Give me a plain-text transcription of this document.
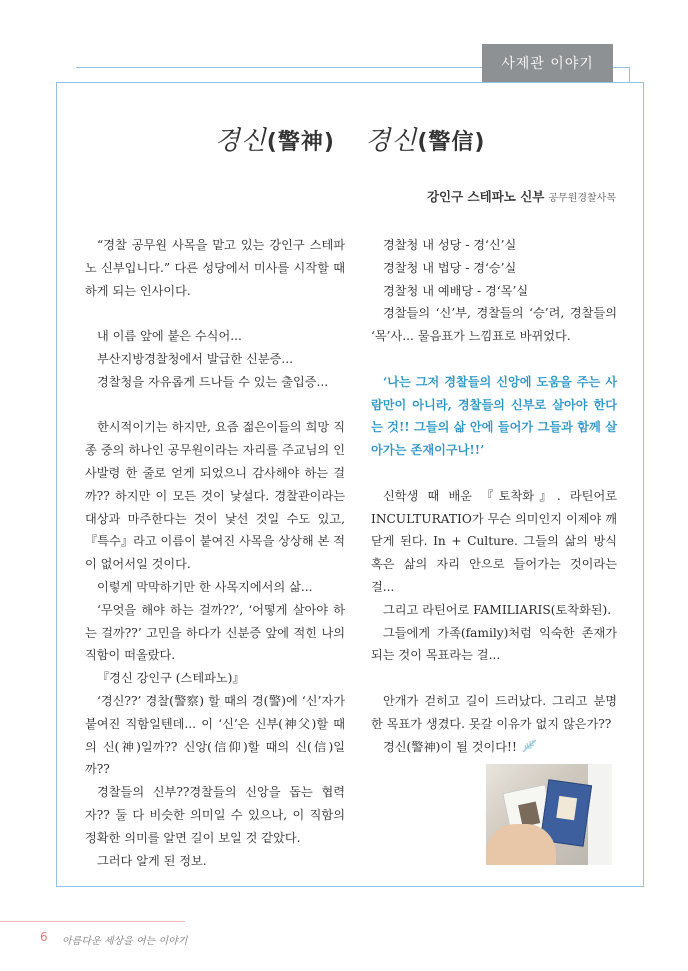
사제관 이야기
경신(警神) 경신(警信)
강인구 스테파노 신부 공무원경찰사목

“경찰 공무원 사목을 맡고 있는 강인구 스테파노 신부입니다.” 다른 성당에서 미사를 시작할 때 하게 되는 인사이다.

내 이름 앞에 붙은 수식어...

부산지방경찰청에서 발급한 신분증...

경찰청을 자유롭게 드나들 수 있는 출입증...

한시적이기는 하지만, 요즘 젊은이들의 희망 직종 중의 하나인 공무원이라는 자리를 주교님의 인사발령 한 줄로 얻게 되었으니 감사해야 하는 걸까?? 하지만 이 모든 것이 낯설다. 경찰관이라는 대상과 마주한다는 것이 낯선 것일 수도 있고, 『특수』라고 이름이 붙여진 사목을 상상해 본 적이 없어서일 것이다.

이렇게 막막하기만 한 사목지에서의 삶...

‘무엇을 해야 하는 걸까??’, ‘어떻게 살아야 하는 걸까??’ 고민을 하다가 신분증 앞에 적힌 나의 직함이 떠올랐다.

『경신 강인구 (스테파노)』

‘경신??’ 경찰(警察) 할 때의 경(警)에 ‘신’자가 붙여진 직함일텐데... 이 ‘신’은 신부(神父)할 때의 신(神)일까?? 신앙(信仰)할 때의 신(信)일까??

경찰들의 신부??경찰들의 신앙을 돕는 협력자?? 둘 다 비슷한 의미일 수 있으나, 이 직함의 정확한 의미를 알면 길이 보일 것 같았다.

그러다 알게 된 정보.

경찰청 내 성당 - 경‘신’실

경찰청 내 법당 - 경‘승’실

경찰청 내 예배당 - 경‘목’실

경찰들의 ‘신’부, 경찰들의 ‘승’려, 경찰들의 ‘목’사... 물음표가 느낌표로 바뀌었다.

‘나는 그저 경찰들의 신앙에 도움을 주는 사람만이 아니라, 경찰들의 신부로 살아야 한다는 것!! 그들의 삶 안에 들어가 그들과 함께 살아가는 존재이구나!!’

신학생 때 배운 『토착화』. 라틴어로 INCULTURATIO가 무슨 의미인지 이제야 깨닫게 된다. In + Culture. 그들의 삶의 방식 혹은 삶의 자리 안으로 들어가는 것이라는 걸...

그리고 라틴어로 FAMILIARIS(토착화된).

그들에게 가족(family)처럼 익숙한 존재가 되는 것이 목표라는 걸...

안개가 걷히고 길이 드러났다. 그리고 분명한 목표가 생겼다. 못갈 이유가 없지 않은가??

경신(警神)이 될 것이다!!

6 아름다운 세상을 여는 이야기
